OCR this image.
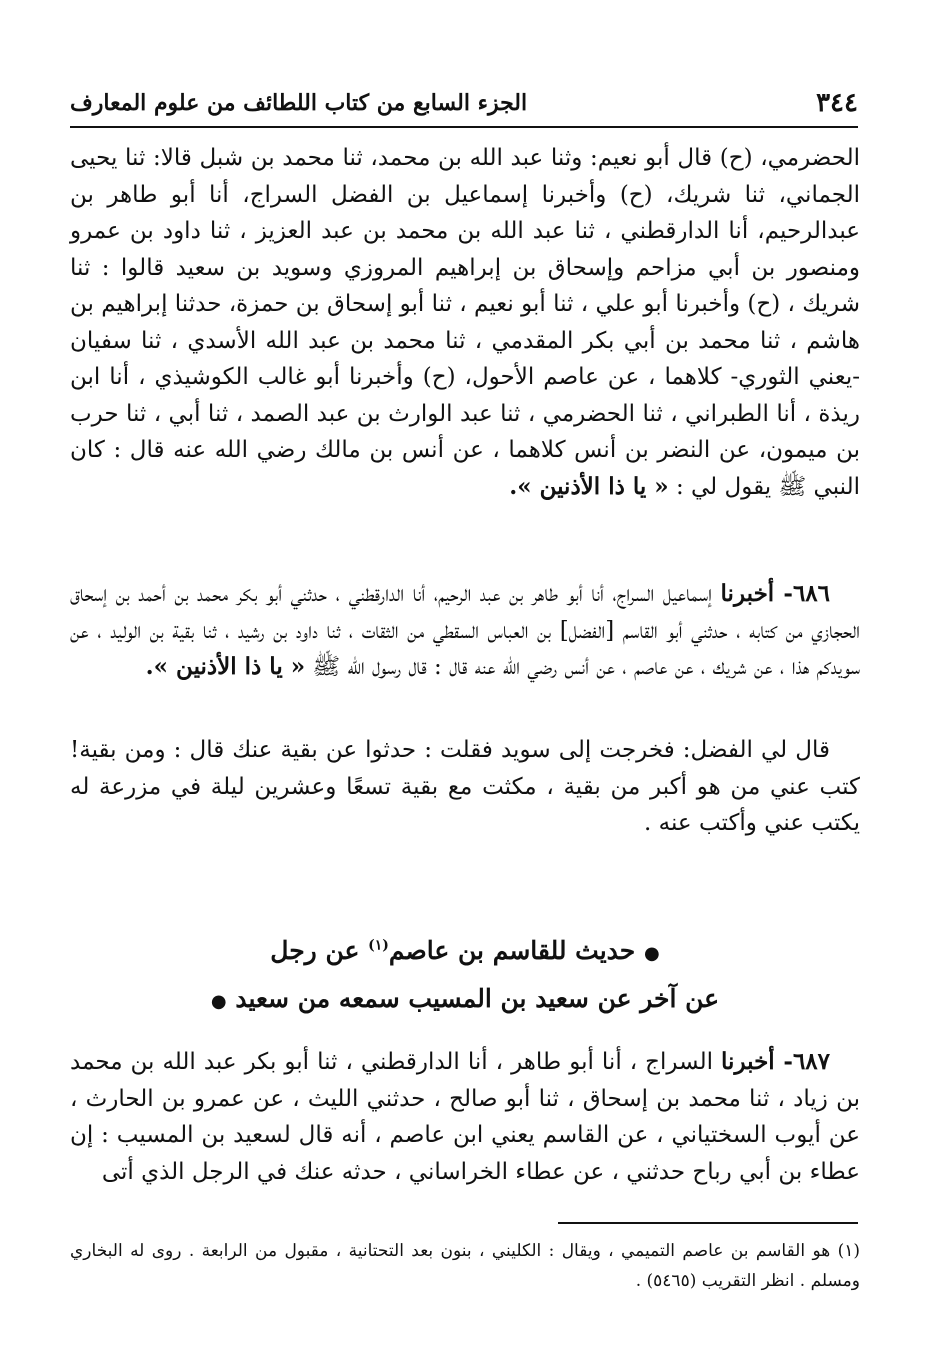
٣٤٤
الجزء السابع من كتاب اللطائف من علوم المعارف
الحضرمي، (ح) قال أبو نعيم: وثنا عبد الله بن محمد، ثنا محمد بن شبل قالا: ثنا يحيى الجماني، ثنا شريك، (ح) وأخبرنا إسماعيل بن الفضل السراج، أنا أبو طاهر بن عبدالرحيم، أنا الدارقطني ، ثنا عبد الله بن محمد بن عبد العزيز ، ثنا داود بن عمرو ومنصور بن أبي مزاحم وإسحاق بن إبراهيم المروزي وسويد بن سعيد قالوا : ثنا شريك ، (ح) وأخبرنا أبو علي ، ثنا أبو نعيم ، ثنا أبو إسحاق بن حمزة، حدثنا إبراهيم بن هاشم ، ثنا محمد بن أبي بكر المقدمي ، ثنا محمد بن عبد الله الأسدي ، ثنا سفيان -يعني الثوري- كلاهما ، عن عاصم الأحول، (ح) وأخبرنا أبو غالب الكوشيذي ، أنا ابن ريذة ، أنا الطبراني ، ثنا الحضرمي ، ثنا عبد الوارث بن عبد الصمد ، ثنا أبي ، ثنا حرب بن ميمون، عن النضر بن أنس كلاهما ، عن أنس بن مالك رضي الله عنه قال : كان النبي ﷺ يقول لي : « يا ذا الأذنين ».
٦٨٦- أخبرنا إسماعيل السراج، أنا أبو طاهر بن عبد الرحيم، أنا الدارقطني ، حدثني أبو بكر محمد بن أحمد بن إسحاق الحجازي من كتابه ، حدثني أبو القاسم [الفضل] بن العباس السقطي من الثقات ، ثنا داود بن رشيد ، ثنا بقية بن الوليد ، عن سويدكم هذا ، عن شريك ، عن عاصم ، عن أنس رضي الله عنه قال : قال رسول الله ﷺ « يا ذا الأذنين ».
قال لي الفضل: فخرجت إلى سويد فقلت : حدثوا عن بقية عنك قال : ومن بقية! كتب عني من هو أكبر من بقية ، مكثت مع بقية تسعًا وعشرين ليلة في مزرعة له يكتب عني وأكتب عنه .
● حديث للقاسم بن عاصم$^{(١)}$ عن رجل
عن آخر عن سعيد بن المسيب سمعه من سعيد ●
٦٨٧- أخبرنا السراج ، أنا أبو طاهر ، أنا الدارقطني ، ثنا أبو بكر عبد الله بن محمد بن زياد ، ثنا محمد بن إسحاق ، ثنا أبو صالح ، حدثني الليث ، عن عمرو بن الحارث ، عن أيوب السختياني ، عن القاسم يعني ابن عاصم ، أنه قال لسعيد بن المسيب : إن عطاء بن أبي رباح حدثني ، عن عطاء الخراساني ، حدثه عنك في الرجل الذي أتى
(١) هو القاسم بن عاصم التميمي ، ويقال : الكليني ، بنون بعد التحتانية ، مقبول من الرابعة . روى له البخاري ومسلم . انظر التقريب (٥٤٦٥) .
